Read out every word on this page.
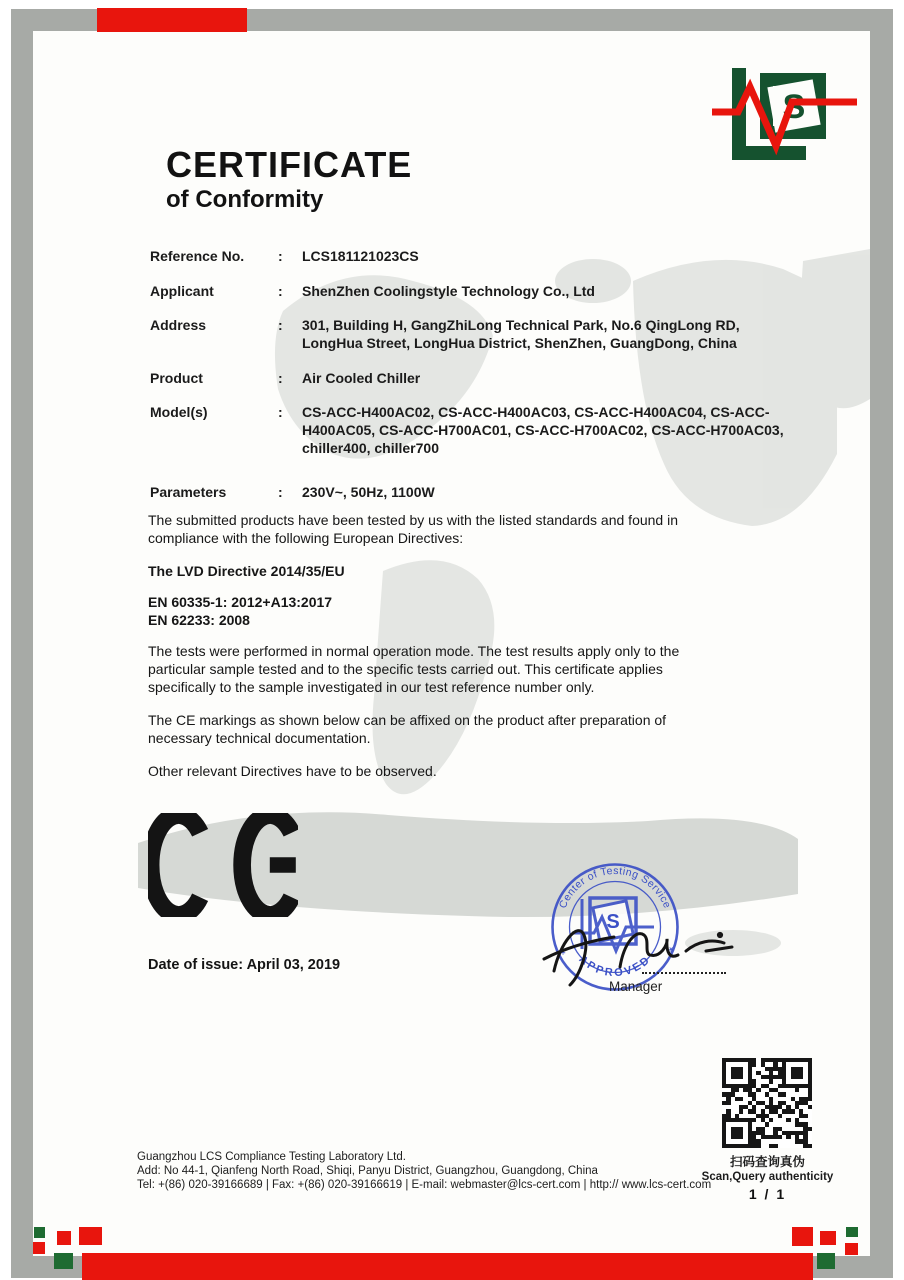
S
CERTIFICATE
of Conformity
Reference No.	:	LCS181121023CS
Applicant	:	ShenZhen Coolingstyle Technology Co., Ltd
Address	:	301, Building H, GangZhiLong Technical Park, No.6 QingLong RD, LongHua Street, LongHua District, ShenZhen, GuangDong, China
Product	:	Air Cooled Chiller
Model(s)	:	CS-ACC-H400AC02, CS-ACC-H400AC03, CS-ACC-H400AC04, CS-ACC-H400AC05, CS-ACC-H700AC01, CS-ACC-H700AC02, CS-ACC-H700AC03, chiller400, chiller700
Parameters	:	230V~, 50Hz, 1100W

The submitted products have been tested by us with the listed standards and found in compliance with the following European Directives:

The LVD Directive 2014/35/EU

EN 60335-1: 2012+A13:2017
EN 62233: 2008

The tests were performed in normal operation mode. The test results apply only to the particular sample tested and to the specific tests carried out. This certificate applies specifically to the sample investigated in our test reference number only.

The CE markings as shown below can be affixed on the product after preparation of necessary technical documentation.

Other relevant Directives have to be observed.

Date of issue: April 03, 2019
Center of Testing Service
APPROVED
*	*
S
Manager
Guangzhou LCS Compliance Testing Laboratory Ltd.
Add: No 44-1, Qianfeng North Road, Shiqi, Panyu District, Guangzhou, Guangdong, China
Tel: +(86) 020-39166689 | Fax: +(86) 020-39166619 | E-mail: webmaster@lcs-cert.com | http:// www.lcs-cert.com
扫码查询真伪
Scan,Query authenticity
1 / 1
